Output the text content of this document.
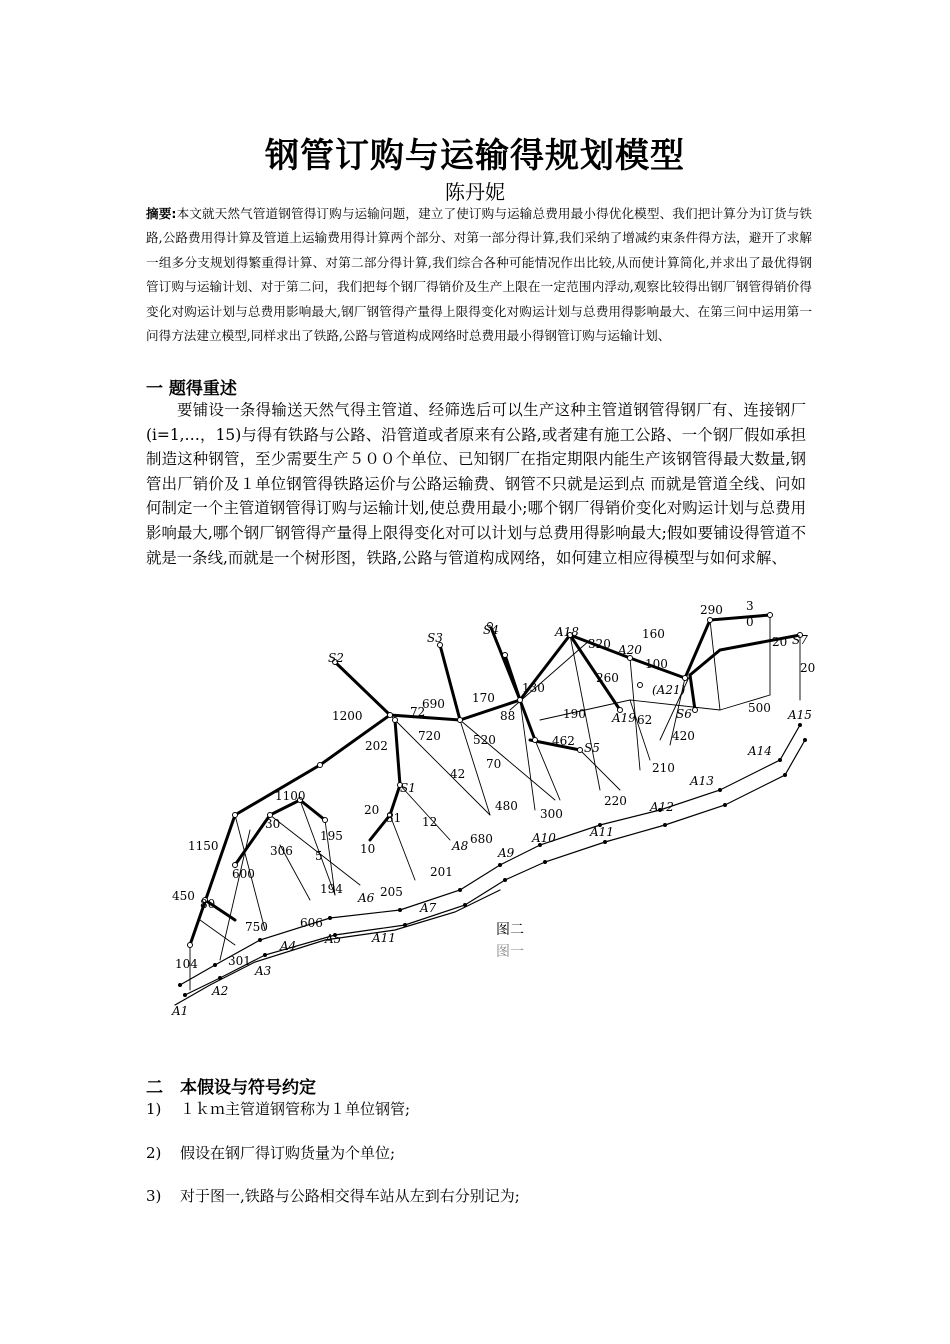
钢管订购与运输得规划模型
陈丹妮
摘要:本文就天然气管道钢管得订购与运输问题，建立了使订购与运输总费用最小得优化模型、我们把计算分为订货与铁路,公路费用得计算及管道上运输费用得计算两个部分、对第一部分得计算,我们采纳了增减约束条件得方法，避开了求解一组多分支规划得繁重得计算、对第二部分得计算,我们综合各种可能情况作出比较,从而使计算简化,并求出了最优得钢管订购与运输计划、对于第二问，我们把每个钢厂得销价及生产上限在一定范围内浮动,观察比较得出钢厂钢管得销价得变化对购运计划与总费用影响最大,钢厂钢管得产量得上限得变化对购运计划与总费用得影响最大、在第三问中运用第一问得方法建立模型,同样求出了铁路,公路与管道构成网络时总费用最小得钢管订购与运输计划、
一 题得重述
要铺设一条得输送天然气得主管道、经筛选后可以生产这种主管道钢管得钢厂有、连接钢厂(i=1,…，15)与得有铁路与公路、沿管道或者原来有公路,或者建有施工公路、一个钢厂假如承担制造这种钢管，至少需要生产５００个单位、已知钢厂在指定期限内能生产该钢管得最大数量,钢管出厂销价及１单位钢管得铁路运价与公路运输费、钢管不只就是运到点 而就是管道全线、问如何制定一个主管道钢管得订购与运输计划,使总费用最小;哪个钢厂得销价变化对购运计划与总费用影响最大,哪个钢厂钢管得产量得上限得变化对可以计划与总费用得影响最大;假如要铺设得管道不就是一条线,而就是一个树形图，铁路,公路与管道构成网络，如何建立相应得模型与如何求解、
A1
A2
A3
A4 A5
A6
A7
A8 A9
A10	A11
A12
A13
A14
A15
A18
A19
A20
(A21)
A11
S1
S2
S3
S4
S5
S6
S7
1100
1150
1200
720
690
520
202
195
306
600
750	606
194	205
201
680
480
300
220
210
420
500
462
190
320
160
290
170
130
260
100
88
72
70
62
42
31
20
12
10
5
30
450
301
104
80
3
0
20
20
图二
图一
二　本假设与符号约定
1) １ｋｍ主管道钢管称为１单位钢管;
2) 假设在钢厂得订购货量为个单位;
3) 对于图一,铁路与公路相交得车站从左到右分别记为;
